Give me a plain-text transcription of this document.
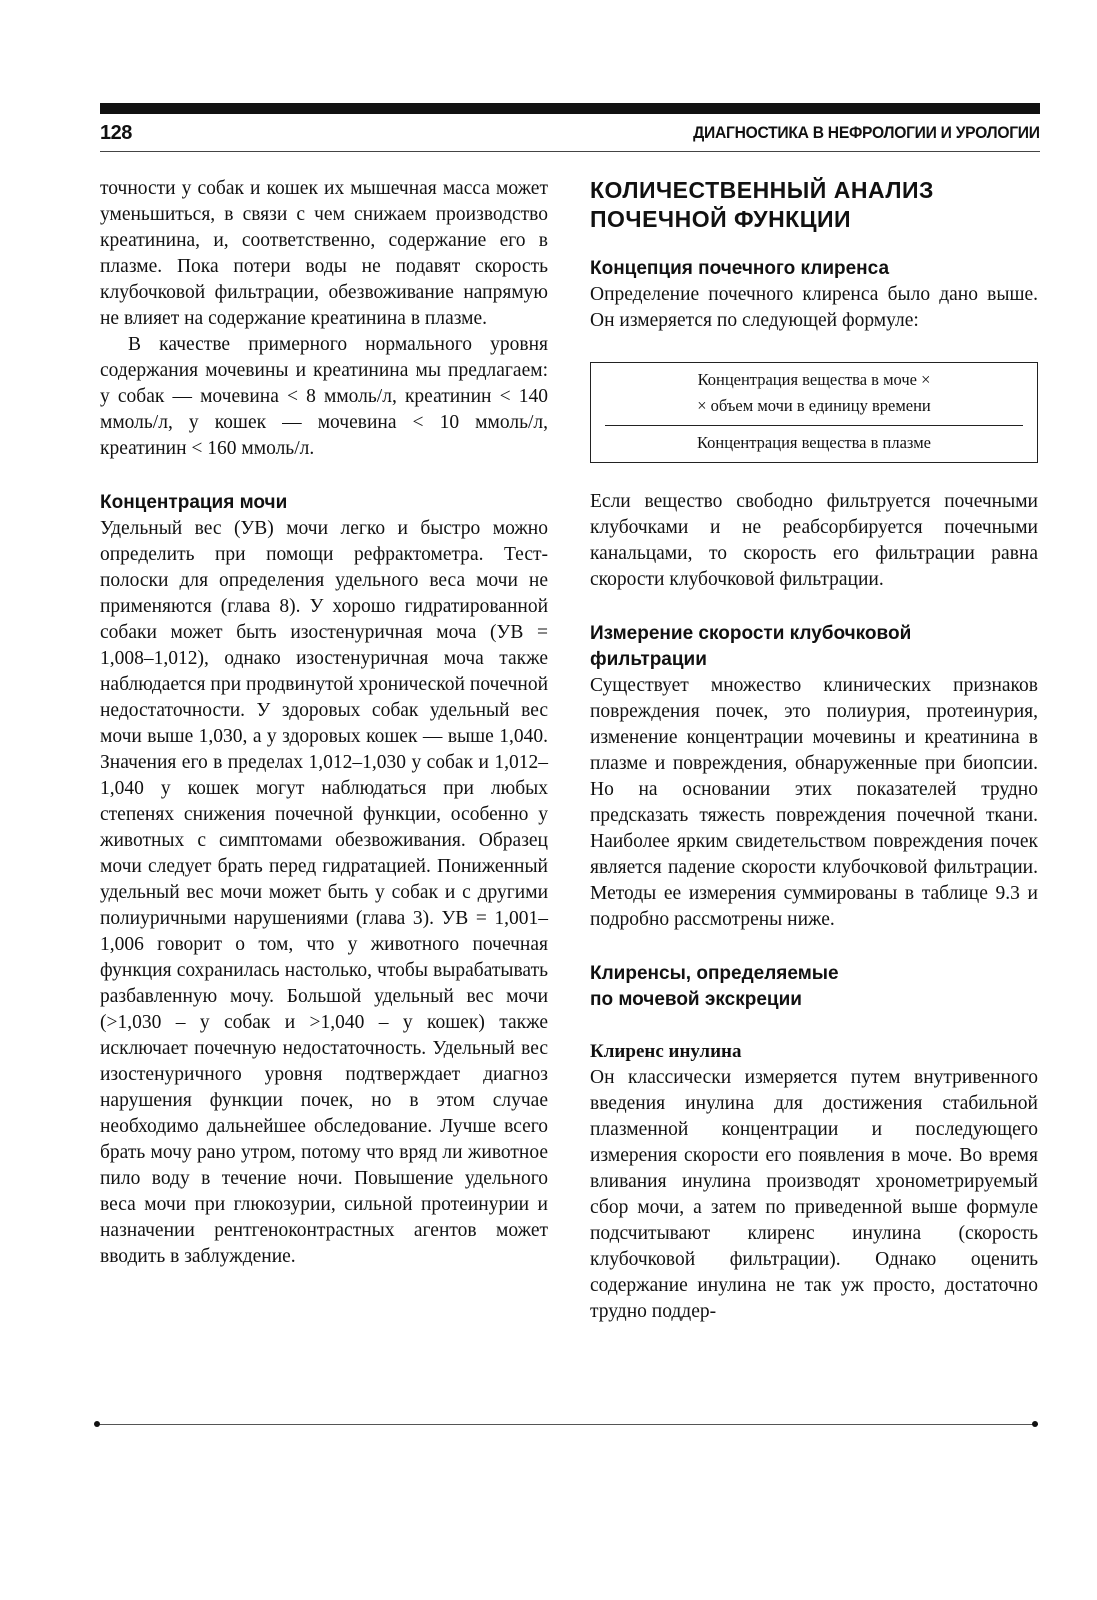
128	ДИАГНОСТИКА В НЕФРОЛОГИИ И УРОЛОГИИ

точности у собак и кошек их мышечная масса может уменьшиться, в связи с чем снижаем производство креатинина, и, соответственно, содержание его в плазме. Пока потери воды не подавят скорость клубочковой фильтрации, обезвоживание напрямую не влияет на содержание креатинина в плазме.

В качестве примерного нормального уровня содержания мочевины и креатинина мы предлагаем: у собак — мочевина < 8 ммоль/л, креатинин < 140 ммоль/л, у кошек — мочевина < 10 ммоль/л, креатинин < 160 ммоль/л.

Концентрация мочи

Удельный вес (УВ) мочи легко и быстро можно определить при помощи рефрактометра. Тест-полоски для определения удельного веса мочи не применяются (глава 8). У хорошо гидратированной собаки может быть изостенуричная моча (УВ = 1,008–1,012), однако изостенуричная моча также наблюдается при продвинутой хронической почечной недостаточности. У здоровых собак удельный вес мочи выше 1,030, а у здоровых кошек — выше 1,040. Значения его в пределах 1,012–1,030 у собак и 1,012–1,040 у кошек могут наблюдаться при любых степенях снижения почечной функции, особенно у животных с симптомами обезвоживания. Образец мочи следует брать перед гидратацией. Пониженный удельный вес мочи может быть у собак и с другими полиуричными нарушениями (глава 3). УВ = 1,001–1,006 говорит о том, что у животного почечная функция сохранилась настолько, чтобы вырабатывать разбавленную мочу. Большой удельный вес мочи (>1,030 – у собак и >1,040 – у кошек) также исключает почечную недостаточность. Удельный вес изостенуричного уровня подтверждает диагноз нарушения функции почек, но в этом случае необходимо дальнейшее обследование. Лучше всего брать мочу рано утром, потому что вряд ли животное пило воду в течение ночи. Повышение удельного веса мочи при глюкозурии, сильной протеинурии и назначении рентгеноконтрастных агентов может вводить в заблуждение.

КОЛИЧЕСТВЕННЫЙ АНАЛИЗ
ПОЧЕЧНОЙ ФУНКЦИИ
Концепция почечного клиренса

Определение почечного клиренса было дано выше. Он измеряется по следующей формуле:

Концентрация вещества в моче ×
× объем мочи в единицу времени
Концентрация вещества в плазме

Если вещество свободно фильтруется почечными клубочками и не реабсорбируется почечными канальцами, то скорость его фильтрации равна скорости клубочковой фильтрации.

Измерение скорости клубочковой
фильтрации

Существует множество клинических признаков повреждения почек, это полиурия, протеинурия, изменение концентрации мочевины и креатинина в плазме и повреждения, обнаруженные при биопсии. Но на основании этих показателей трудно предсказать тяжесть повреждения почечной ткани. Наиболее ярким свидетельством повреждения почек является падение скорости клубочковой фильтрации. Методы ее измерения суммированы в таблице 9.3 и подробно рассмотрены ниже.

Клиренсы, определяемые
по мочевой экскреции
Клиренс инулина

Он классически измеряется путем внутривенного введения инулина для достижения стабильной плазменной концентрации и последующего измерения скорости его появления в моче. Во время вливания инулина производят хронометрируемый сбор мочи, а затем по приведенной выше формуле подсчитывают клиренс инулина (скорость клубочковой фильтрации). Однако оценить содержание инулина не так уж просто, достаточно трудно поддер-
